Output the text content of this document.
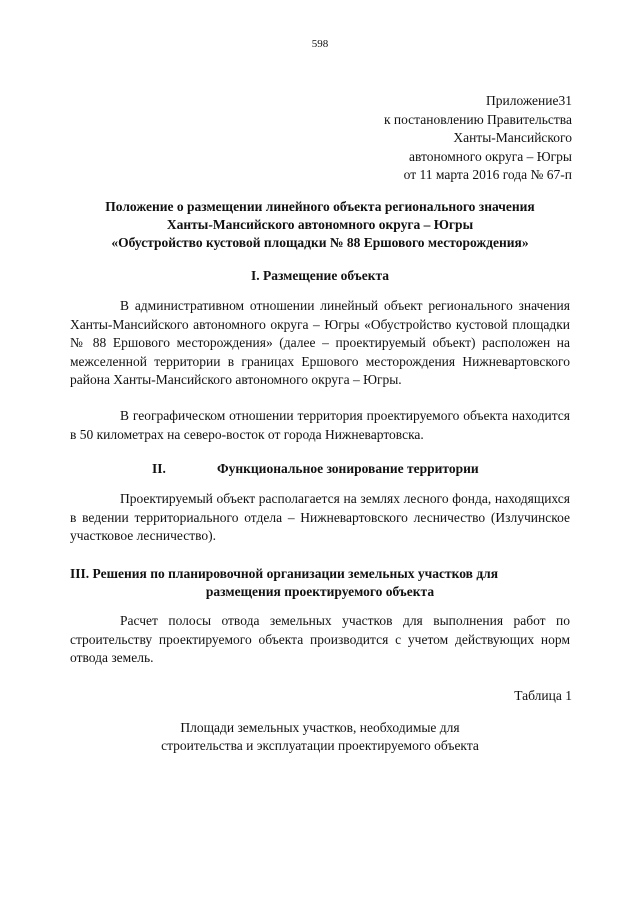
598
Приложение31
к постановлению Правительства
Ханты-Мансийского
автономного округа – Югры
от 11 марта 2016 года № 67-п
Положение о размещении линейного объекта регионального значения
Ханты-Мансийского автономного округа – Югры
«Обустройство кустовой площадки № 88 Ершового месторождения»
I. Размещение объекта
В административном отношении линейный объект регионального значения Ханты-Мансийского автономного округа – Югры «Обустройство кустовой площадки № 88 Ершового месторождения» (далее – проектируемый объект) расположен на межселенной территории в границах Ершового месторождения Нижневартовского района Ханты-Мансийского автономного округа – Югры.
В географическом отношении территория проектируемого объекта находится в 50 километрах на северо-восток от города Нижневартовска.
II.	Функциональное зонирование территории
Проектируемый объект располагается на землях лесного фонда, находящихся в ведении территориального отдела – Нижневартовского лесничество (Излучинское участковое лесничество).
III. Решения по планировочной организации земельных участков для
размещения проектируемого объекта
Расчет полосы отвода земельных участков для выполнения работ по строительству проектируемого объекта производится с учетом действующих норм отвода земель.
Таблица 1
Площади земельных участков, необходимые для
строительства и эксплуатации проектируемого объекта
